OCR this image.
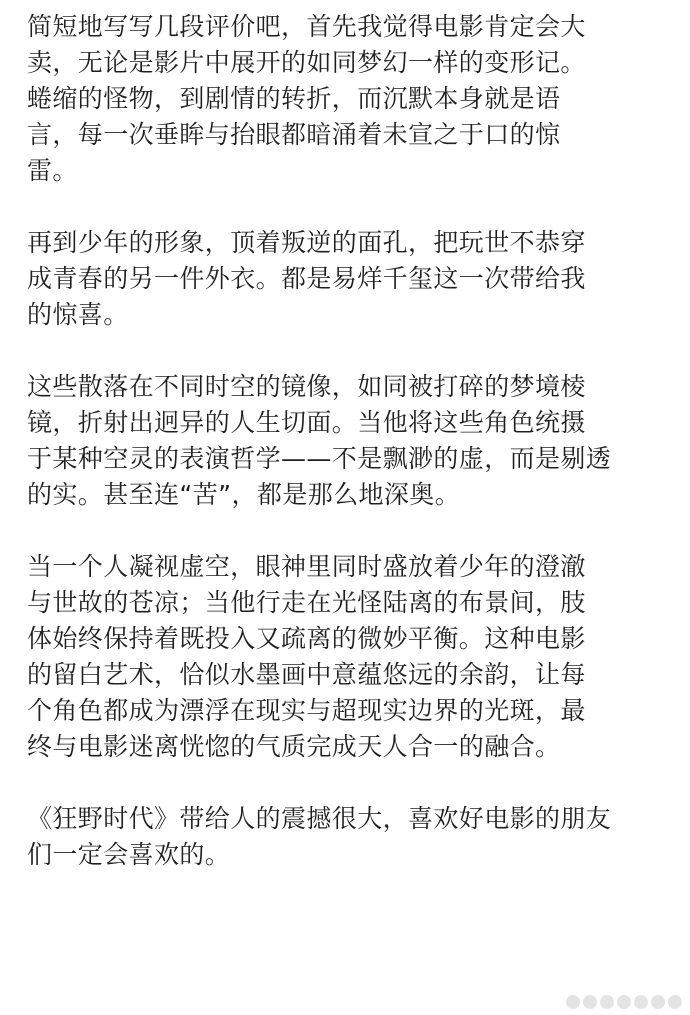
简短地写写几段评价吧，首先我觉得电影肯定会大
卖，无论是影片中展开的如同梦幻一样的变形记。
蜷缩的怪物，到剧情的转折，而沉默本身就是语
言，每一次垂眸与抬眼都暗涌着未宣之于口的惊
雷。
再到少年的形象，顶着叛逆的面孔，把玩世不恭穿
成青春的另一件外衣。都是易烊千玺这一次带给我
的惊喜。
这些散落在不同时空的镜像，如同被打碎的梦境棱
镜，折射出迥异的人生切面。当他将这些角色统摄
于某种空灵的表演哲学——不是飘渺的虚，而是剔透
的实。甚至连“苦”，都是那么地深奥。
当一个人凝视虚空，眼神里同时盛放着少年的澄澈
与世故的苍凉；当他行走在光怪陆离的布景间，肢
体始终保持着既投入又疏离的微妙平衡。这种电影
的留白艺术，恰似水墨画中意蕴悠远的余韵，让每
个角色都成为漂浮在现实与超现实边界的光斑，最
终与电影迷离恍惚的气质完成天人合一的融合。
《狂野时代》带给人的震撼很大，喜欢好电影的朋友
们一定会喜欢的。
